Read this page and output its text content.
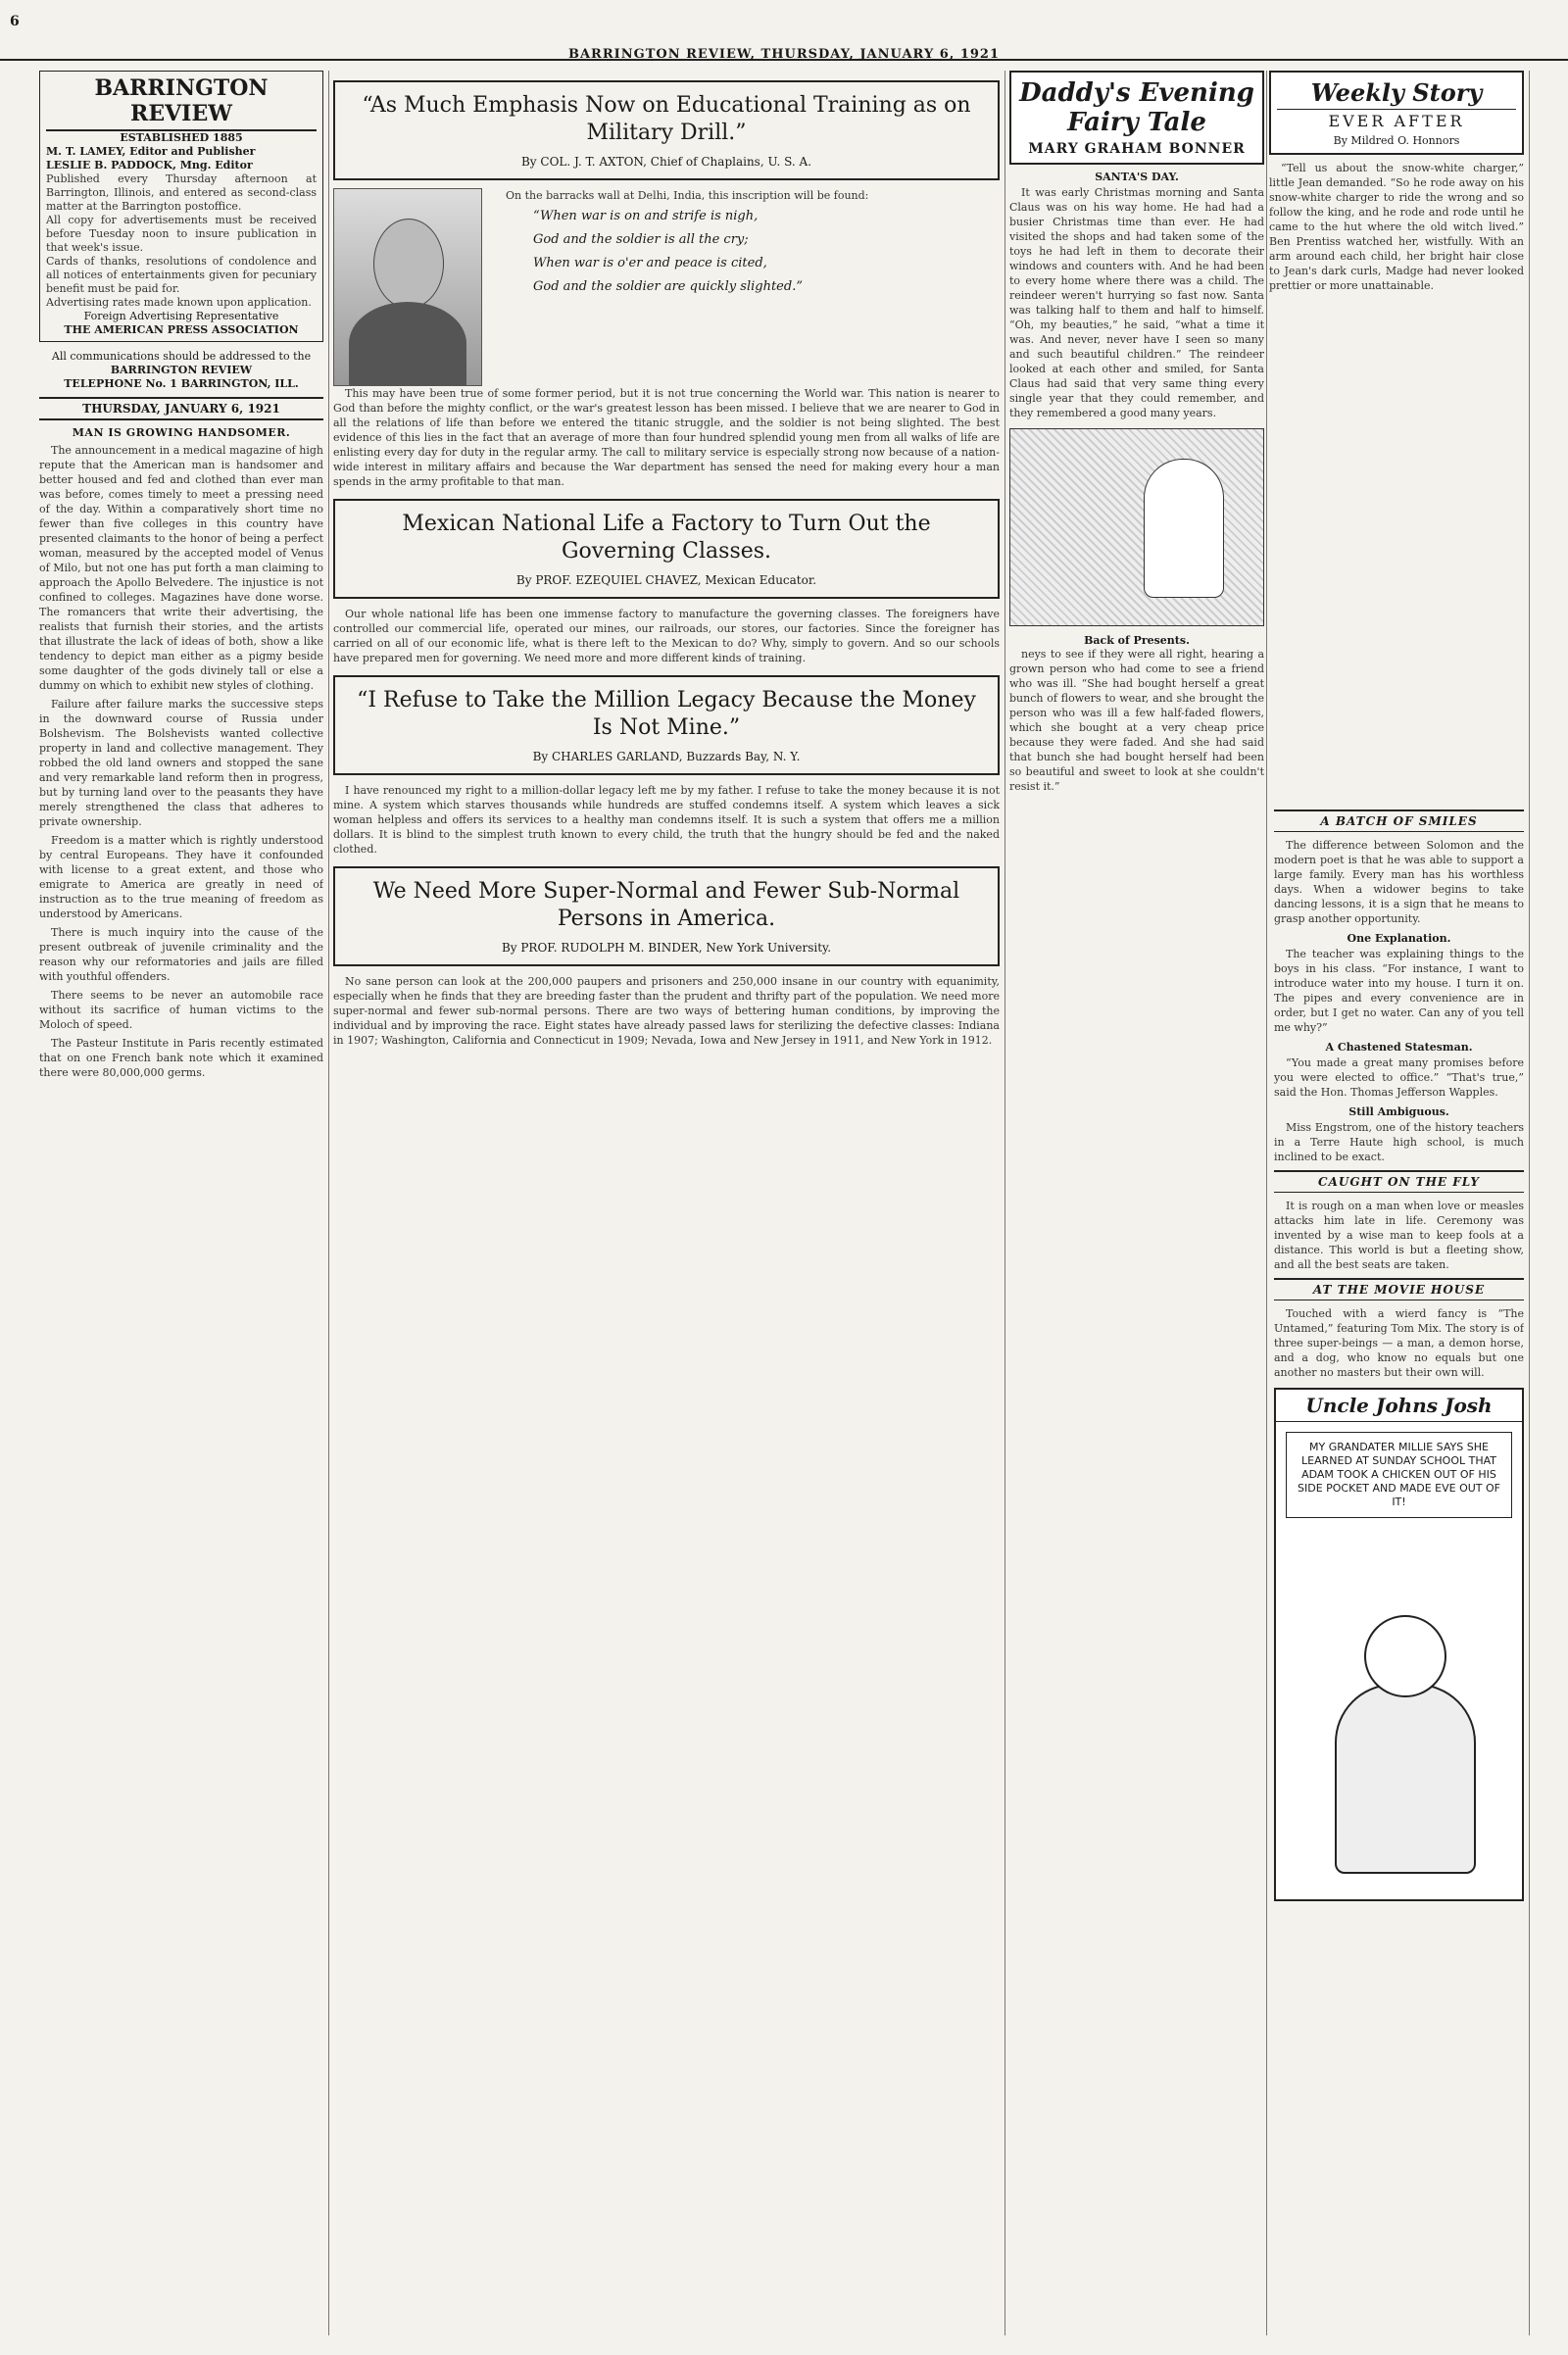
6
BARRINGTON REVIEW, THURSDAY, JANUARY 6, 1921
BARRINGTON REVIEW
ESTABLISHED 1885
M. T. LAMEY, Editor and Publisher
LESLIE B. PADDOCK, Mng. Editor
Published every Thursday afternoon at Barrington, Illinois, and entered as second-class matter at the Barrington postoffice.
All copy for advertisements must be received before Tuesday noon to insure publication in that week's issue.
Cards of thanks, resolutions of condolence and all notices of entertainments given for pecuniary benefit must be paid for.
Advertising rates made known upon application.
Foreign Advertising Representative
THE AMERICAN PRESS ASSOCIATION
All communications should be addressed to the
BARRINGTON REVIEW
TELEPHONE No. 1 BARRINGTON, ILL.
THURSDAY, JANUARY 6, 1921
MAN IS GROWING HANDSOMER.

The announcement in a medical magazine of high repute that the American man is handsomer and better housed and fed and clothed than ever man was before, comes timely to meet a pressing need of the day. Within a comparatively short time no fewer than five colleges in this country have presented claimants to the honor of being a perfect woman, measured by the accepted model of Venus of Milo, but not one has put forth a man claiming to approach the Apollo Belvedere. The injustice is not confined to colleges. Magazines have done worse. The romancers that write their advertising, the realists that furnish their stories, and the artists that illustrate the lack of ideas of both, show a like tendency to depict man either as a pigmy beside some daughter of the gods divinely tall or else a dummy on which to exhibit new styles of clothing.

Failure after failure marks the successive steps in the downward course of Russia under Bolshevism. The Bolshevists wanted collective property in land and collective management. They robbed the old land owners and stopped the sane and very remarkable land reform then in progress, but by turning land over to the peasants they have merely strengthened the class that adheres to private ownership.

Freedom is a matter which is rightly understood by central Europeans. They have it confounded with license to a great extent, and those who emigrate to America are greatly in need of instruction as to the true meaning of freedom as understood by Americans.

There is much inquiry into the cause of the present outbreak of juvenile criminality and the reason why our reformatories and jails are filled with youthful offenders.

There seems to be never an automobile race without its sacrifice of human victims to the Moloch of speed.

The Pasteur Institute in Paris recently estimated that on one French bank note which it examined there were 80,000,000 germs.

“As Much Emphasis Now on Educational Training as on Military Drill.”
By COL. J. T. AXTON, Chief of Chaplains, U. S. A.

On the barracks wall at Delhi, India, this inscription will be found:

“When war is on and strife is nigh,
God and the soldier is all the cry;
When war is o'er and peace is cited,
God and the soldier are quickly slighted.”

This may have been true of some former period, but it is not true concerning the World war. This nation is nearer to God than before the mighty conflict, or the war's greatest lesson has been missed. I believe that we are nearer to God in all the relations of life than before we entered the titanic struggle, and the soldier is not being slighted. The best evidence of this lies in the fact that an average of more than four hundred splendid young men from all walks of life are enlisting every day for duty in the regular army. The call to military service is especially strong now because of a nation-wide interest in military affairs and because the War department has sensed the need for making every hour a man spends in the army profitable to that man.

Mexican National Life a Factory to Turn Out the Governing Classes.
By PROF. EZEQUIEL CHAVEZ, Mexican Educator.

Our whole national life has been one immense factory to manufacture the governing classes. The foreigners have controlled our commercial life, operated our mines, our railroads, our stores, our factories. Since the foreigner has carried on all of our economic life, what is there left to the Mexican to do? Why, simply to govern. And so our schools have prepared men for governing. We need more and more different kinds of training.

“I Refuse to Take the Million Legacy Because the Money Is Not Mine.”
By CHARLES GARLAND, Buzzards Bay, N. Y.

I have renounced my right to a million-dollar legacy left me by my father. I refuse to take the money because it is not mine. A system which starves thousands while hundreds are stuffed condemns itself. A system which leaves a sick woman helpless and offers its services to a healthy man condemns itself. It is such a system that offers me a million dollars. It is blind to the simplest truth known to every child, the truth that the hungry should be fed and the naked clothed.

We Need More Super-Normal and Fewer Sub-Normal Persons in America.
By PROF. RUDOLPH M. BINDER, New York University.

No sane person can look at the 200,000 paupers and prisoners and 250,000 insane in our country with equanimity, especially when he finds that they are breeding faster than the prudent and thrifty part of the population. We need more super-normal and fewer sub-normal persons. There are two ways of bettering human conditions, by improving the individual and by improving the race. Eight states have already passed laws for sterilizing the defective classes: Indiana in 1907; Washington, California and Connecticut in 1909; Nevada, Iowa and New Jersey in 1911, and New York in 1912.

Daddy's Evening Fairy Tale
MARY GRAHAM BONNER
SANTA'S DAY.

It was early Christmas morning and Santa Claus was on his way home. He had had a busier Christmas time than ever. He had visited the shops and had taken some of the toys he had left in them to decorate their windows and counters with. And he had been to every home where there was a child. The reindeer weren't hurrying so fast now. Santa was talking half to them and half to himself. “Oh, my beauties,” he said, “what a time it was. And never, never have I seen so many and such beautiful children.” The reindeer looked at each other and smiled, for Santa Claus had said that very same thing every single year that they could remember, and they remembered a good many years.

Back of Presents.

neys to see if they were all right, hearing a grown person who had come to see a friend who was ill. “She had bought herself a great bunch of flowers to wear, and she brought the person who was ill a few half-faded flowers, which she bought at a very cheap price because they were faded. And she had said that bunch she had bought herself had been so beautiful and sweet to look at she couldn't resist it.”

Weekly Story
EVER AFTER
By Mildred O. Honnors

“Tell us about the snow-white charger,” little Jean demanded. “So he rode away on his snow-white charger to ride the wrong and so follow the king, and he rode and rode until he came to the hut where the old witch lived.” Ben Prentiss watched her, wistfully. With an arm around each child, her bright hair close to Jean's dark curls, Madge had never looked prettier or more unattainable.

A BATCH OF SMILES

The difference between Solomon and the modern poet is that he was able to support a large family. Every man has his worthless days. When a widower begins to take dancing lessons, it is a sign that he means to grasp another opportunity.

One Explanation.

The teacher was explaining things to the boys in his class. “For instance, I want to introduce water into my house. I turn it on. The pipes and every convenience are in order, but I get no water. Can any of you tell me why?”

A Chastened Statesman.

“You made a great many promises before you were elected to office.” “That's true,” said the Hon. Thomas Jefferson Wapples.

Still Ambiguous.

Miss Engstrom, one of the history teachers in a Terre Haute high school, is much inclined to be exact.

CAUGHT ON THE FLY

It is rough on a man when love or measles attacks him late in life. Ceremony was invented by a wise man to keep fools at a distance. This world is but a fleeting show, and all the best seats are taken.

AT THE MOVIE HOUSE

Touched with a wierd fancy is “The Untamed,” featuring Tom Mix. The story is of three super-beings — a man, a demon horse, and a dog, who know no equals but one another no masters but their own will.

Uncle Johns Josh
MY GRANDATER MILLIE SAYS SHE LEARNED AT SUNDAY SCHOOL THAT ADAM TOOK A CHICKEN OUT OF HIS SIDE POCKET AND MADE EVE OUT OF IT!
